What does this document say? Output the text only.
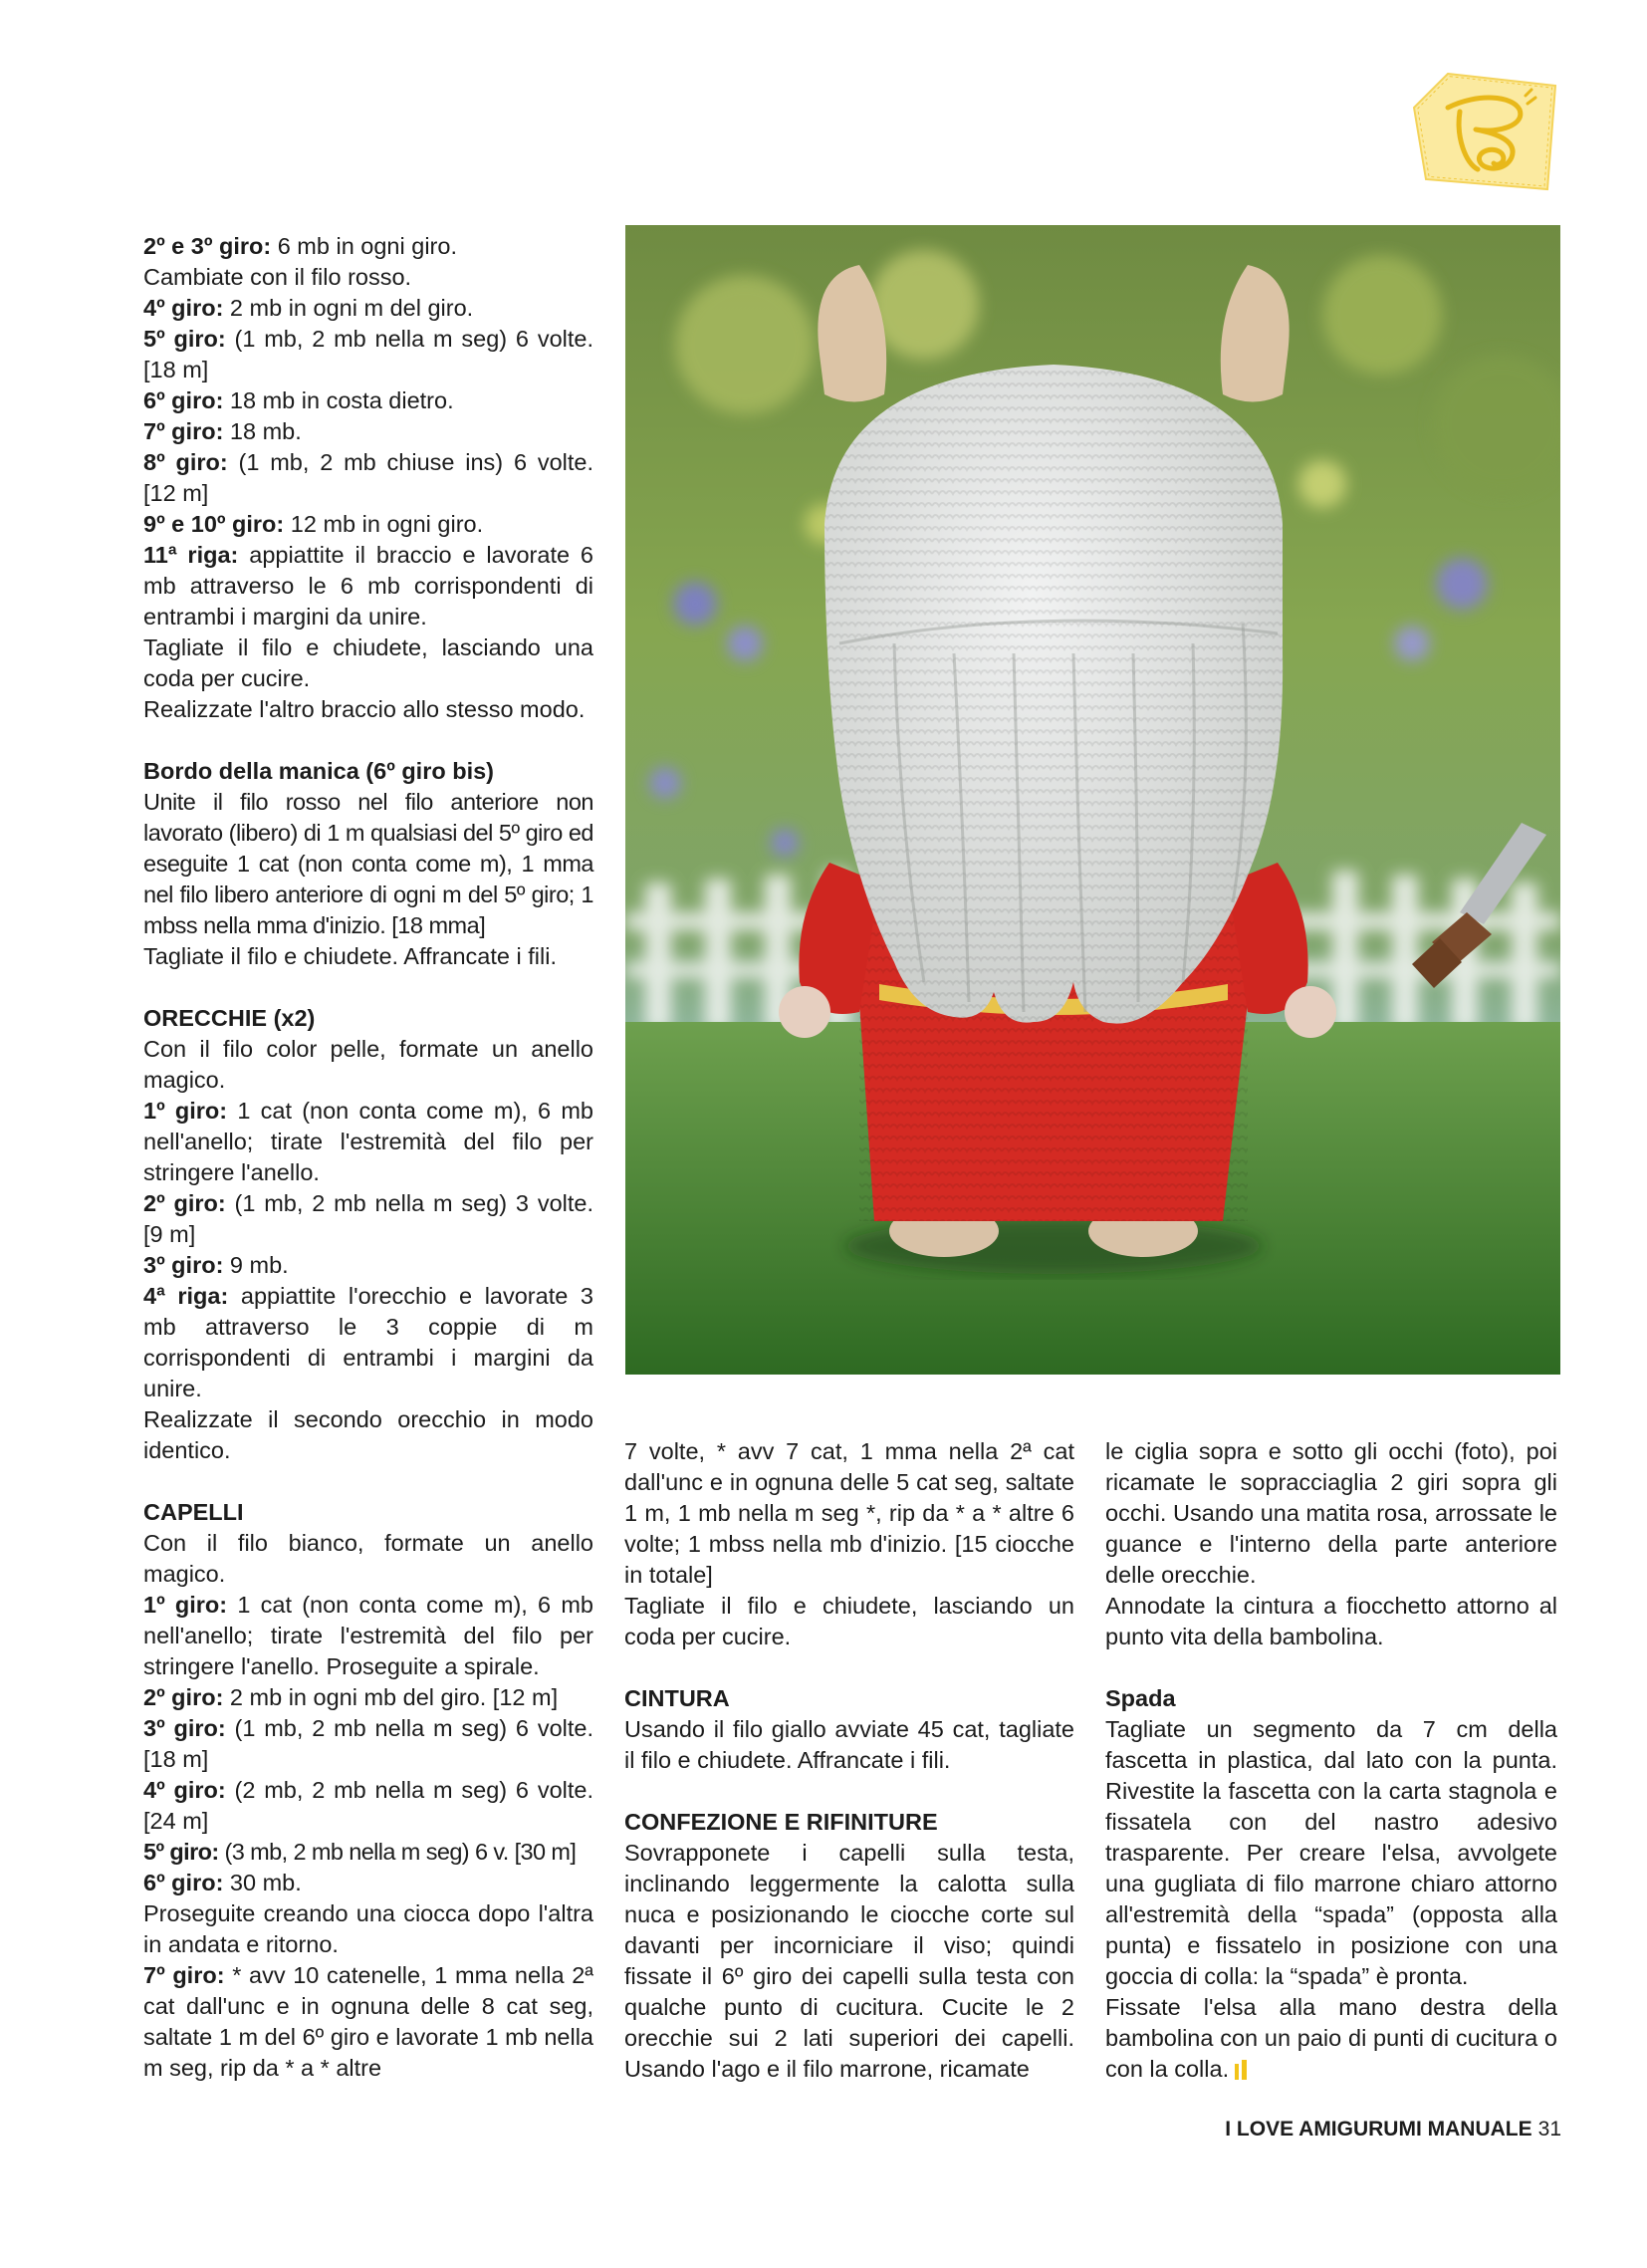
2º e 3º giro: 6 mb in ogni giro.

Cambiate con il filo rosso.

4º giro: 2 mb in ogni m del giro.

5º giro: (1 mb, 2 mb nella m seg) 6 volte. [18 m]

6º giro: 18 mb in costa dietro.

7º giro: 18 mb.

8º giro: (1 mb, 2 mb chiuse ins) 6 volte. [12 m]

9º e 10º giro: 12 mb in ogni giro.

11ª riga: appiattite il braccio e lavorate 6 mb attraverso le 6 mb corrispondenti di entrambi i margini da unire.

Tagliate il filo e chiudete, lasciando una coda per cucire.

Realizzate l'altro braccio allo stesso modo.

Bordo della manica (6º giro bis)

Unite il filo rosso nel filo anteriore non lavorato (libero) di 1 m qualsiasi del 5º giro ed eseguite 1 cat (non conta come m), 1 mma nel filo libero anteriore di ogni m del 5º giro; 1 mbss nella mma d'inizio. [18 mma]

Tagliate il filo e chiudete. Affrancate i fili.

ORECCHIE (x2)

Con il filo color pelle, formate un anello magico.

1º giro: 1 cat (non conta come m), 6 mb nell'anello; tirate l'estremità del filo per stringere l'anello.

2º giro: (1 mb, 2 mb nella m seg) 3 volte. [9 m]

3º giro: 9 mb.

4ª riga: appiattite l'orecchio e lavorate 3 mb attraverso le 3 coppie di m corrispondenti di entrambi i margini da unire.

Realizzate il secondo orecchio in modo identico.

CAPELLI

Con il filo bianco, formate un anello magico.

1º giro: 1 cat (non conta come m), 6 mb nell'anello; tirate l'estremità del filo per stringere l'anello. Proseguite a spirale.

2º giro: 2 mb in ogni mb del giro. [12 m]

3º giro: (1 mb, 2 mb nella m seg) 6 volte. [18 m]

4º giro: (2 mb, 2 mb nella m seg) 6 volte. [24 m]

5º giro: (3 mb, 2 mb nella m seg) 6 v. [30 m]

6º giro: 30 mb.

Proseguite creando una ciocca dopo l'altra in andata e ritorno.

7º giro: * avv 10 catenelle, 1 mma nella 2ª cat dall'unc e in ognuna delle 8 cat seg, saltate 1 m del 6º giro e lavorate 1 mb nella m seg, rip da * a * altre

7 volte, * avv 7 cat, 1 mma nella 2ª cat dall'unc e in ognuna delle 5 cat seg, saltate 1 m, 1 mb nella m seg *, rip da * a * altre 6 volte; 1 mbss nella mb d'inizio. [15 ciocche in totale]

Tagliate il filo e chiudete, lasciando un coda per cucire.

CINTURA

Usando il filo giallo avviate 45 cat, tagliate il filo e chiudete. Affrancate i fili.

CONFEZIONE E RIFINITURE

Sovrapponete i capelli sulla testa, inclinando leggermente la calotta sulla nuca e posizionando le ciocche corte sul davanti per incorniciare il viso; quindi fissate il 6º giro dei capelli sulla testa con qualche punto di cucitura. Cucite le 2 orecchie sui 2 lati superiori dei capelli. Usando l'ago e il filo marrone, ricamate

le ciglia sopra e sotto gli occhi (foto), poi ricamate le sopracciaglia 2 giri sopra gli occhi. Usando una matita rosa, arrossate le guance e l'interno della parte anteriore delle orecchie.

Annodate la cintura a fiocchetto attorno al punto vita della bambolina.

Spada

Tagliate un segmento da 7 cm della fascetta in plastica, dal lato con la punta. Rivestite la fascetta con la carta stagnola e fissatela con del nastro adesivo trasparente. Per creare l'elsa, avvolgete una gugliata di filo marrone chiaro attorno all'estremità della “spada” (opposta alla punta) e fissatelo in posizione con una goccia di colla: la “spada” è pronta.

Fissate l'elsa alla mano destra della bambolina con un paio di punti di cucitura o con la colla.

I LOVE AMIGURUMI MANUALE 31
